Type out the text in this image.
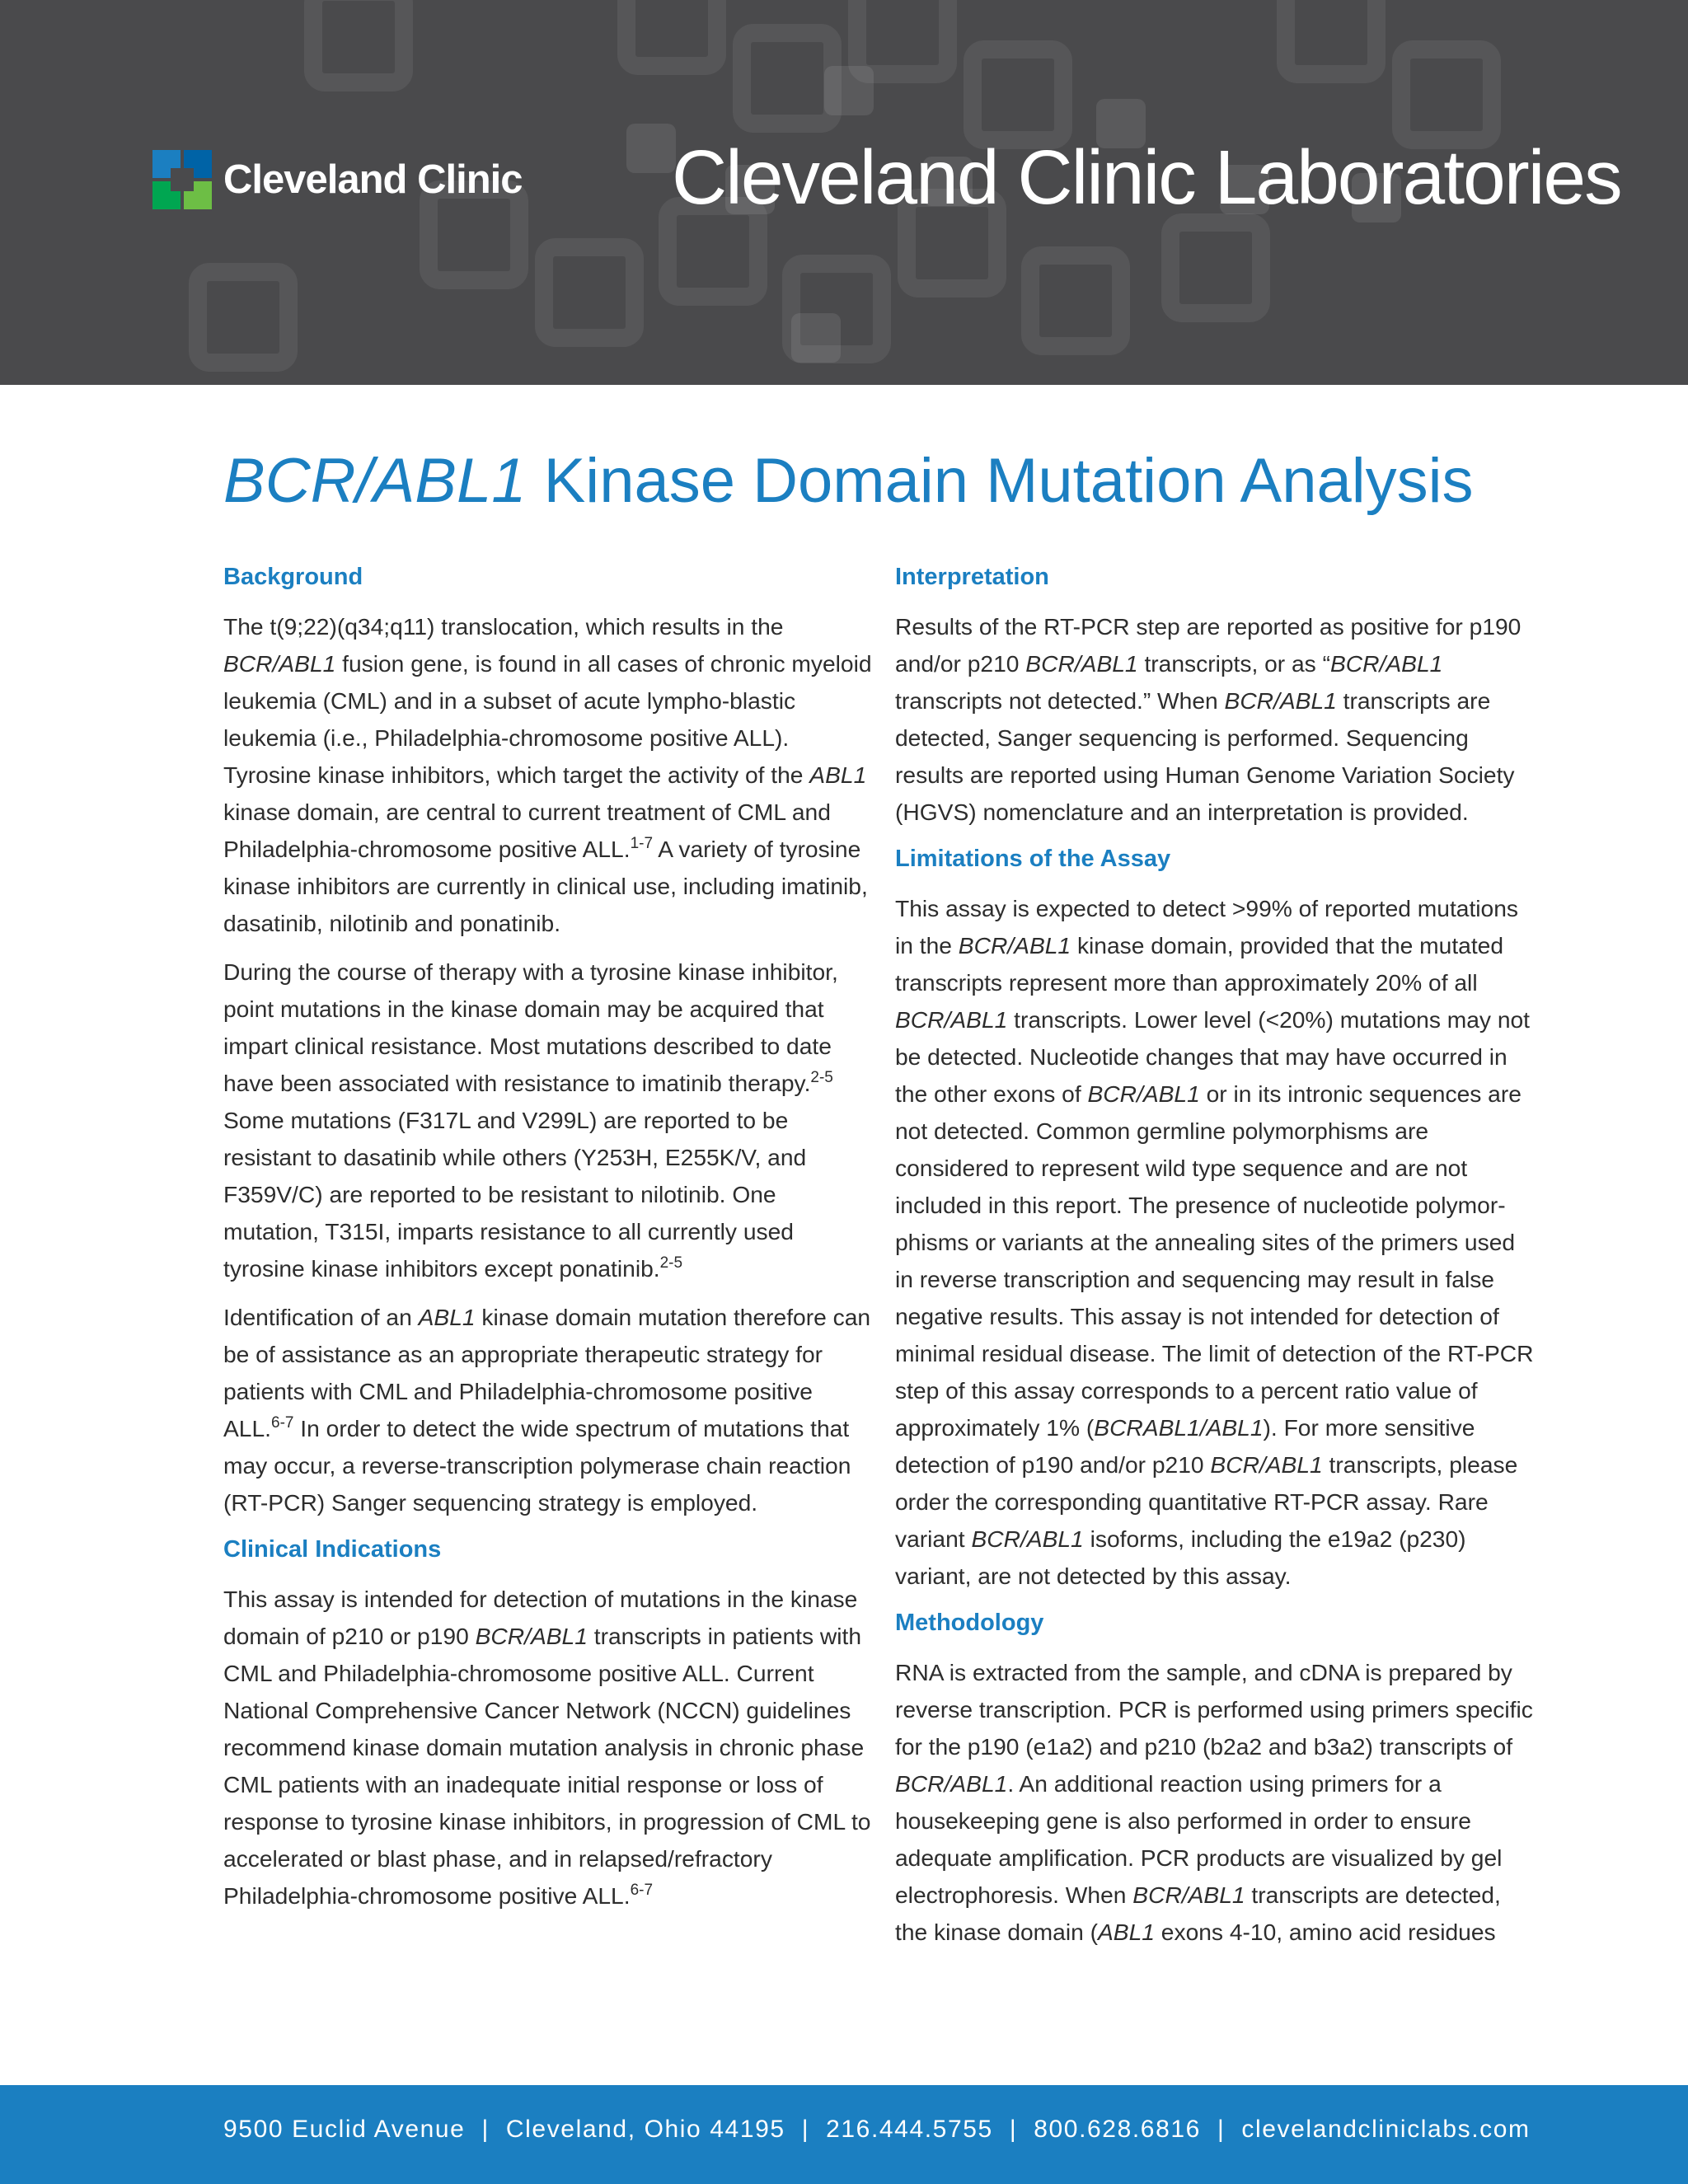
Cleveland Clinic Cleveland Clinic Laboratories
BCR/ABL1 Kinase Domain Mutation Analysis
Background

The t(9;22)(q34;q11) translocation, which results in the BCR/ABL1 fusion gene, is found in all cases of chronic myeloid leukemia (CML) and in a subset of acute lympho-blastic leukemia (i.e., Philadelphia-chromosome positive ALL). Tyrosine kinase inhibitors, which target the activity of the ABL1 kinase domain, are central to current treatment of CML and Philadelphia-chromosome positive ALL.$^{1-7}$ A variety of tyrosine kinase inhibitors are currently in clinical use, including imatinib, dasatinib, nilotinib and ponatinib.

During the course of therapy with a tyrosine kinase inhibitor, point mutations in the kinase domain may be acquired that impart clinical resistance. Most mutations described to date have been associated with resistance to imatinib therapy.$^{2-5}$ Some mutations (F317L and V299L) are reported to be resistant to dasatinib while others (Y253H, E255K/V, and F359V/C) are reported to be resistant to nilotinib. One mutation, T315I, imparts resistance to all currently used tyrosine kinase inhibitors except ponatinib.$^{2-5}$

Identification of an ABL1 kinase domain mutation therefore can be of assistance as an appropriate therapeutic strategy for patients with CML and Philadelphia-chromosome positive ALL.$^{6-7}$ In order to detect the wide spectrum of mutations that may occur, a reverse-transcription polymerase chain reaction (RT-PCR) Sanger sequencing strategy is employed.

Clinical Indications

This assay is intended for detection of mutations in the kinase domain of p210 or p190 BCR/ABL1 transcripts in patients with CML and Philadelphia-chromosome positive ALL. Current National Comprehensive Cancer Network (NCCN) guidelines recommend kinase domain mutation analysis in chronic phase CML patients with an inadequate initial response or loss of response to tyrosine kinase inhibitors, in progression of CML to accelerated or blast phase, and in relapsed/refractory Philadelphia-chromosome positive ALL.$^{6-7}$

Interpretation

Results of the RT-PCR step are reported as positive for p190 and/or p210 BCR/ABL1 transcripts, or as “BCR/ABL1 transcripts not detected.” When BCR/ABL1 transcripts are detected, Sanger sequencing is performed. Sequencing results are reported using Human Genome Variation Society (HGVS) nomenclature and an interpretation is provided.

Limitations of the Assay

This assay is expected to detect >99% of reported mutations in the BCR/ABL1 kinase domain, provided that the mutated transcripts represent more than approximately 20% of all BCR/ABL1 transcripts. Lower level (<20%) mutations may not be detected. Nucleotide changes that may have occurred in the other exons of BCR/ABL1 or in its intronic sequences are not detected. Common germline polymorphisms are considered to represent wild type sequence and are not included in this report. The presence of nucleotide polymor-phisms or variants at the annealing sites of the primers used in reverse transcription and sequencing may result in false negative results. This assay is not intended for detection of minimal residual disease. The limit of detection of the RT-PCR step of this assay corresponds to a percent ratio value of approximately 1% (BCRABL1/ABL1). For more sensitive detection of p190 and/or p210 BCR/ABL1 transcripts, please order the corresponding quantitative RT-PCR assay. Rare variant BCR/ABL1 isoforms, including the e19a2 (p230) variant, are not detected by this assay.

Methodology

RNA is extracted from the sample, and cDNA is prepared by reverse transcription. PCR is performed using primers specific for the p190 (e1a2) and p210 (b2a2 and b3a2) transcripts of BCR/ABL1. An additional reaction using primers for a housekeeping gene is also performed in order to ensure adequate amplification. PCR products are visualized by gel electrophoresis. When BCR/ABL1 transcripts are detected, the kinase domain (ABL1 exons 4-10, amino acid residues

9500 Euclid Avenue | Cleveland, Ohio 44195 | 216.444.5755 | 800.628.6816 | clevelandcliniclabs.com
